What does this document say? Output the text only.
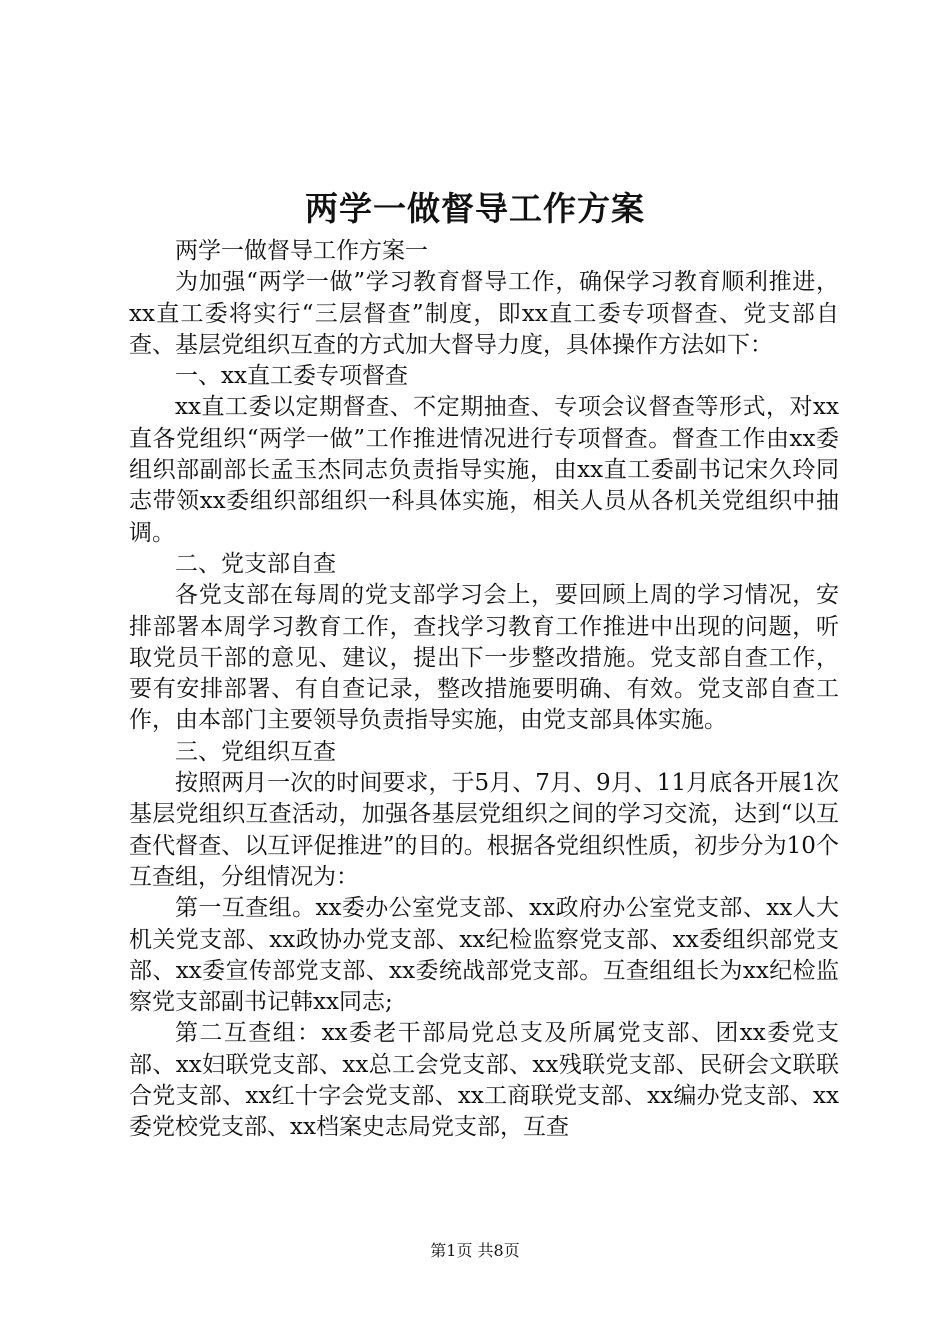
两学一做督导工作方案

两学一做督导工作方案一

为加强“两学一做”学习教育督导工作，确保学习教育顺利推进，xx直工委将实行“三层督查”制度，即xx直工委专项督查、党支部自查、基层党组织互查的方式加大督导力度，具体操作方法如下：

一、xx直工委专项督查

xx直工委以定期督查、不定期抽查、专项会议督查等形式，对xx直各党组织“两学一做”工作推进情况进行专项督查。督查工作由xx委组织部副部长孟玉杰同志负责指导实施，由xx直工委副书记宋久玲同志带领xx委组织部组织一科具体实施，相关人员从各机关党组织中抽调。

二、党支部自查

各党支部在每周的党支部学习会上，要回顾上周的学习情况，安排部署本周学习教育工作，查找学习教育工作推进中出现的问题，听取党员干部的意见、建议，提出下一步整改措施。党支部自查工作，要有安排部署、有自查记录，整改措施要明确、有效。党支部自查工作，由本部门主要领导负责指导实施，由党支部具体实施。

三、党组织互查

按照两月一次的时间要求，于5月、7月、9月、11月底各开展1次基层党组织互查活动，加强各基层党组织之间的学习交流，达到“以互查代督查、以互评促推进”的目的。根据各党组织性质，初步分为10个互查组，分组情况为：

第一互查组。xx委办公室党支部、xx政府办公室党支部、xx人大机关党支部、xx政协办党支部、xx纪检监察党支部、xx委组织部党支部、xx委宣传部党支部、xx委统战部党支部。互查组组长为xx纪检监察党支部副书记韩xx同志;

第二互查组：xx委老干部局党总支及所属党支部、团xx委党支部、xx妇联党支部、xx总工会党支部、xx残联党支部、民研会文联联合党支部、xx红十字会党支部、xx工商联党支部、xx编办党支部、xx委党校党支部、xx档案史志局党支部，互查

第1页 共8页
